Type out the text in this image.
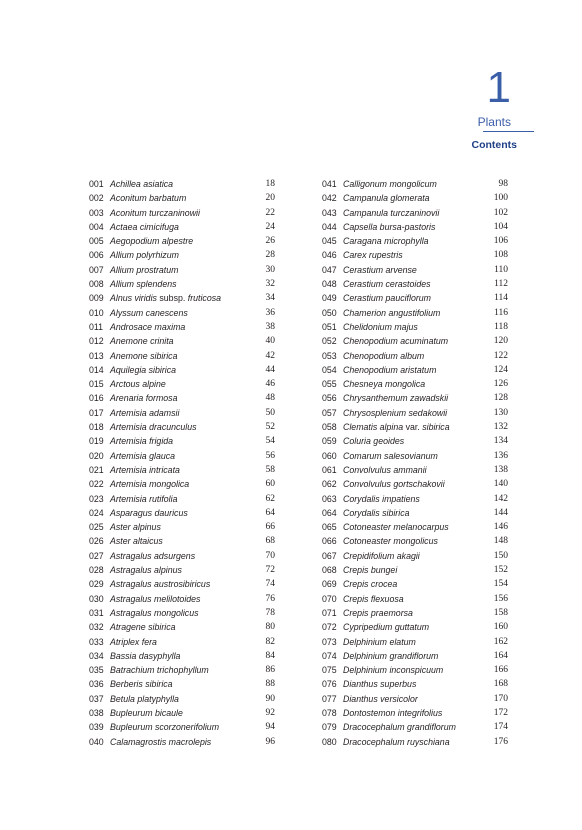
1
Plants
Contents
001 Achillea asiatica	18
002 Aconitum barbatum	20
003 Aconitum turczaninowii	22
004 Actaea cimicifuga	24
005 Aegopodium alpestre	26
006 Allium polyrhizum	28
007 Allium prostratum	30
008 Allium splendens	32
009 Alnus viridis subsp. fruticosa	34
010 Alyssum canescens	36
011 Androsace maxima	38
012 Anemone crinita	40
013 Anemone sibirica	42
014 Aquilegia sibirica	44
015 Arctous alpine	46
016 Arenaria formosa	48
017 Artemisia adamsii	50
018 Artemisia dracunculus	52
019 Artemisia frigida	54
020 Artemisia glauca	56
021 Artemisia intricata	58
022 Artemisia mongolica	60
023 Artemisia rutifolia	62
024 Asparagus dauricus	64
025 Aster alpinus	66
026 Aster altaicus	68
027 Astragalus adsurgens	70
028 Astragalus alpinus	72
029 Astragalus austrosibiricus	74
030 Astragalus melilotoides	76
031 Astragalus mongolicus	78
032 Atragene sibirica	80
033 Atriplex fera	82
034 Bassia dasyphylla	84
035 Batrachium trichophyllum	86
036 Berberis sibirica	88
037 Betula platyphylla	90
038 Bupleurum bicaule	92
039 Bupleurum scorzonerifolium	94
040 Calamagrostis macrolepis	96
041 Calligonum mongolicum	98
042 Campanula glomerata	100
043 Campanula turczaninovii	102
044 Capsella bursa-pastoris	104
045 Caragana microphylla	106
046 Carex rupestris	108
047 Cerastium arvense	110
048 Cerastium cerastoides	112
049 Cerastium pauciflorum	114
050 Chamerion angustifolium	116
051 Chelidonium majus	118
052 Chenopodium acuminatum	120
053 Chenopodium album	122
054 Chenopodium aristatum	124
055 Chesneya mongolica	126
056 Chrysanthemum zawadskii	128
057 Chrysosplenium sedakowii	130
058 Clematis alpina var. sibirica	132
059 Coluria geoides	134
060 Comarum salesovianum	136
061 Convolvulus ammanii	138
062 Convolvulus gortschakovii	140
063 Corydalis impatiens	142
064 Corydalis sibirica	144
065 Cotoneaster melanocarpus	146
066 Cotoneaster mongolicus	148
067 Crepidifolium akagii	150
068 Crepis bungei	152
069 Crepis crocea	154
070 Crepis flexuosa	156
071 Crepis praemorsa	158
072 Cypripedium guttatum	160
073 Delphinium elatum	162
074 Delphinium grandiflorum	164
075 Delphinium inconspicuum	166
076 Dianthus superbus	168
077 Dianthus versicolor	170
078 Dontostemon integrifolius	172
079 Dracocephalum grandiflorum	174
080 Dracocephalum ruyschiana	176
